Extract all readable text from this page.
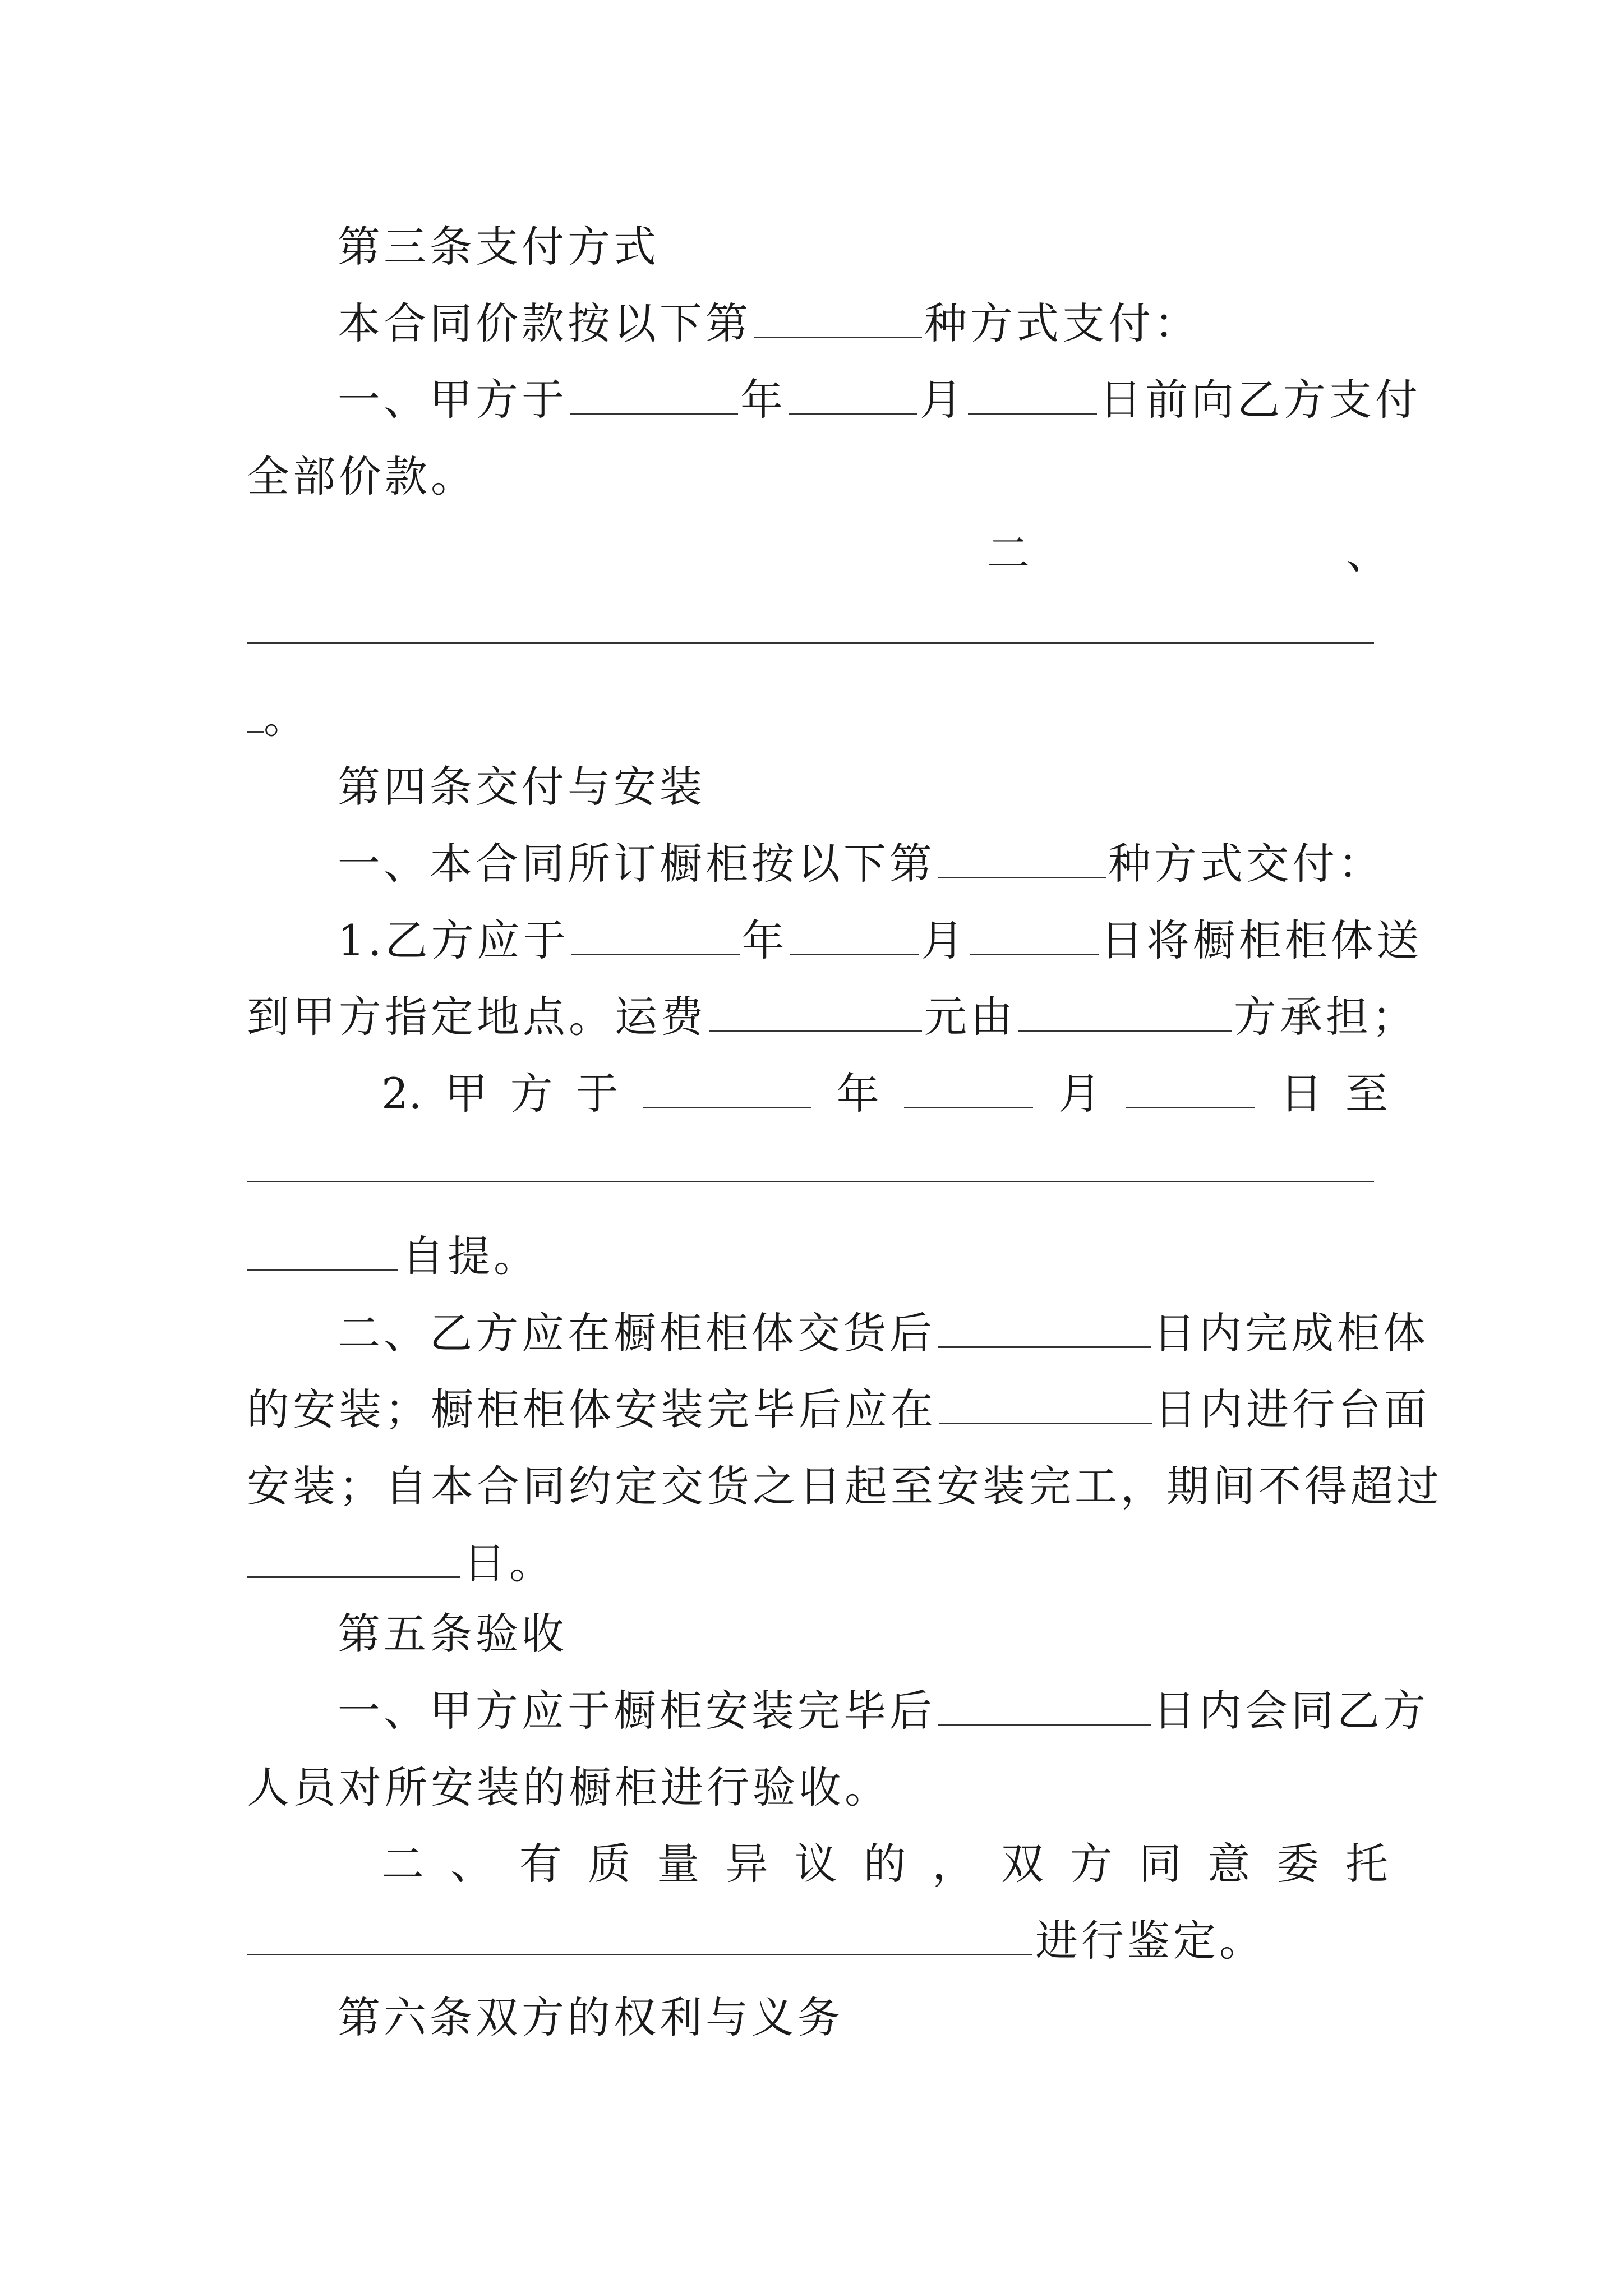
第三条支付方式
本合同价款按以下第	种方式支付：
一、甲方于	年	月	日前向乙方支付
全部价款。
二	、
。
第四条交付与安装
一、本合同所订橱柜按以下第	种方式交付：
1.乙方应于	年	月	日将橱柜柜体送
到甲方指定地点。运费	元由	方承担；
2. 甲 方 于	年	月	日 至
自提。
二、乙方应在橱柜柜体交货后	日内完成柜体
的安装；橱柜柜体安装完毕后应在	日内进行台面
安装；自本合同约定交货之日起至安装完工，期间不得超过
日。
第五条验收
一、甲方应于橱柜安装完毕后	日内会同乙方
人员对所安装的橱柜进行验收。
二 、 有 质 量 异 议 的 ， 双 方 同 意 委 托
进行鉴定。
第六条双方的权利与义务
